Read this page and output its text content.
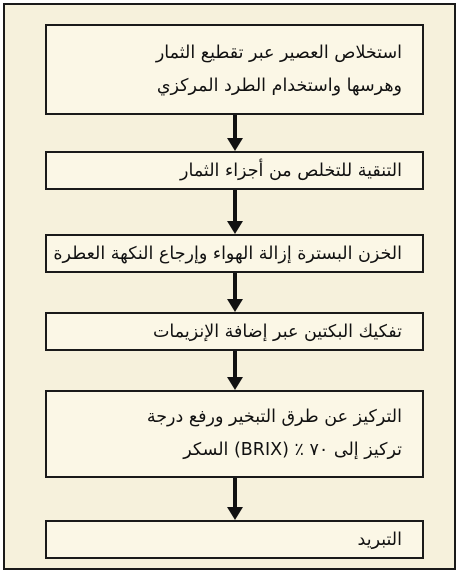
استخلاص العصير عبر تقطيع الثمار
وهرسها واستخدام الطرد المركزي
التنقية للتخلص من أجزاء الثمار
الخزن البسترة إزالة الهواء وإرجاع النكهة العطرة
تفكيك البكتين عبر إضافة الإنزيمات
التركيز عن طرق التبخير ورفع درجة
تركيز إلى ٧٠ ٪ (BRIX) السكر
التبريد
